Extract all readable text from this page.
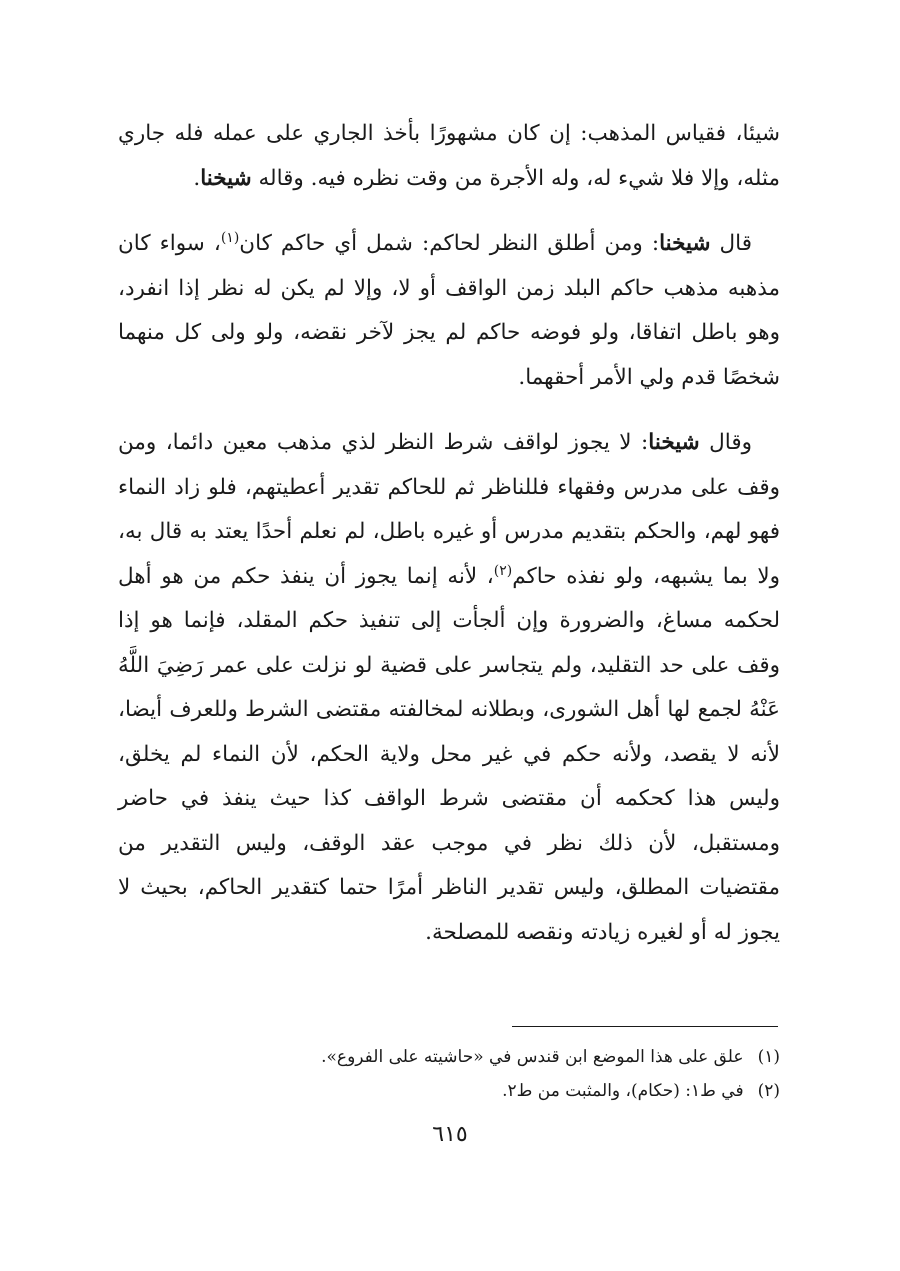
شيئا، فقياس المذهب: إن كان مشهورًا بأخذ الجاري على عمله فله جاري مثله، وإلا فلا شيء له، وله الأجرة من وقت نظره فيه. وقاله شيخنا.

قال شيخنا: ومن أطلق النظر لحاكم: شمل أي حاكم كان$^{(١)}$، سواء كان مذهبه مذهب حاكم البلد زمن الواقف أو لا، وإلا لم يكن له نظر إذا انفرد، وهو باطل اتفاقا، ولو فوضه حاكم لم يجز لآخر نقضه، ولو ولى كل منهما شخصًا قدم ولي الأمر أحقهما.

وقال شيخنا: لا يجوز لواقف شرط النظر لذي مذهب معين دائما، ومن وقف على مدرس وفقهاء فللناظر ثم للحاكم تقدير أعطيتهم، فلو زاد النماء فهو لهم، والحكم بتقديم مدرس أو غيره باطل، لم نعلم أحدًا يعتد به قال به، ولا بما يشبهه، ولو نفذه حاكم$^{(٢)}$، لأنه إنما يجوز أن ينفذ حكم من هو أهل لحكمه مساغ، والضرورة وإن ألجأت إلى تنفيذ حكم المقلد، فإنما هو إذا وقف على حد التقليد، ولم يتجاسر على قضية لو نزلت على عمر رَضِيَ اللَّهُ عَنْهُ لجمع لها أهل الشورى، وبطلانه لمخالفته مقتضى الشرط وللعرف أيضا، لأنه لا يقصد، ولأنه حكم في غير محل ولاية الحكم، لأن النماء لم يخلق، وليس هذا كحكمه أن مقتضى شرط الواقف كذا حيث ينفذ في حاضر ومستقبل، لأن ذلك نظر في موجب عقد الوقف، وليس التقدير من مقتضيات المطلق، وليس تقدير الناظر أمرًا حتما كتقدير الحاكم، بحيث لا يجوز له أو لغيره زيادته ونقصه للمصلحة.

(١)علق على هذا الموضع ابن قندس في «حاشيته على الفروع».
(٢)في ط١: (حكام)، والمثبت من ط٢.
٦١٥
